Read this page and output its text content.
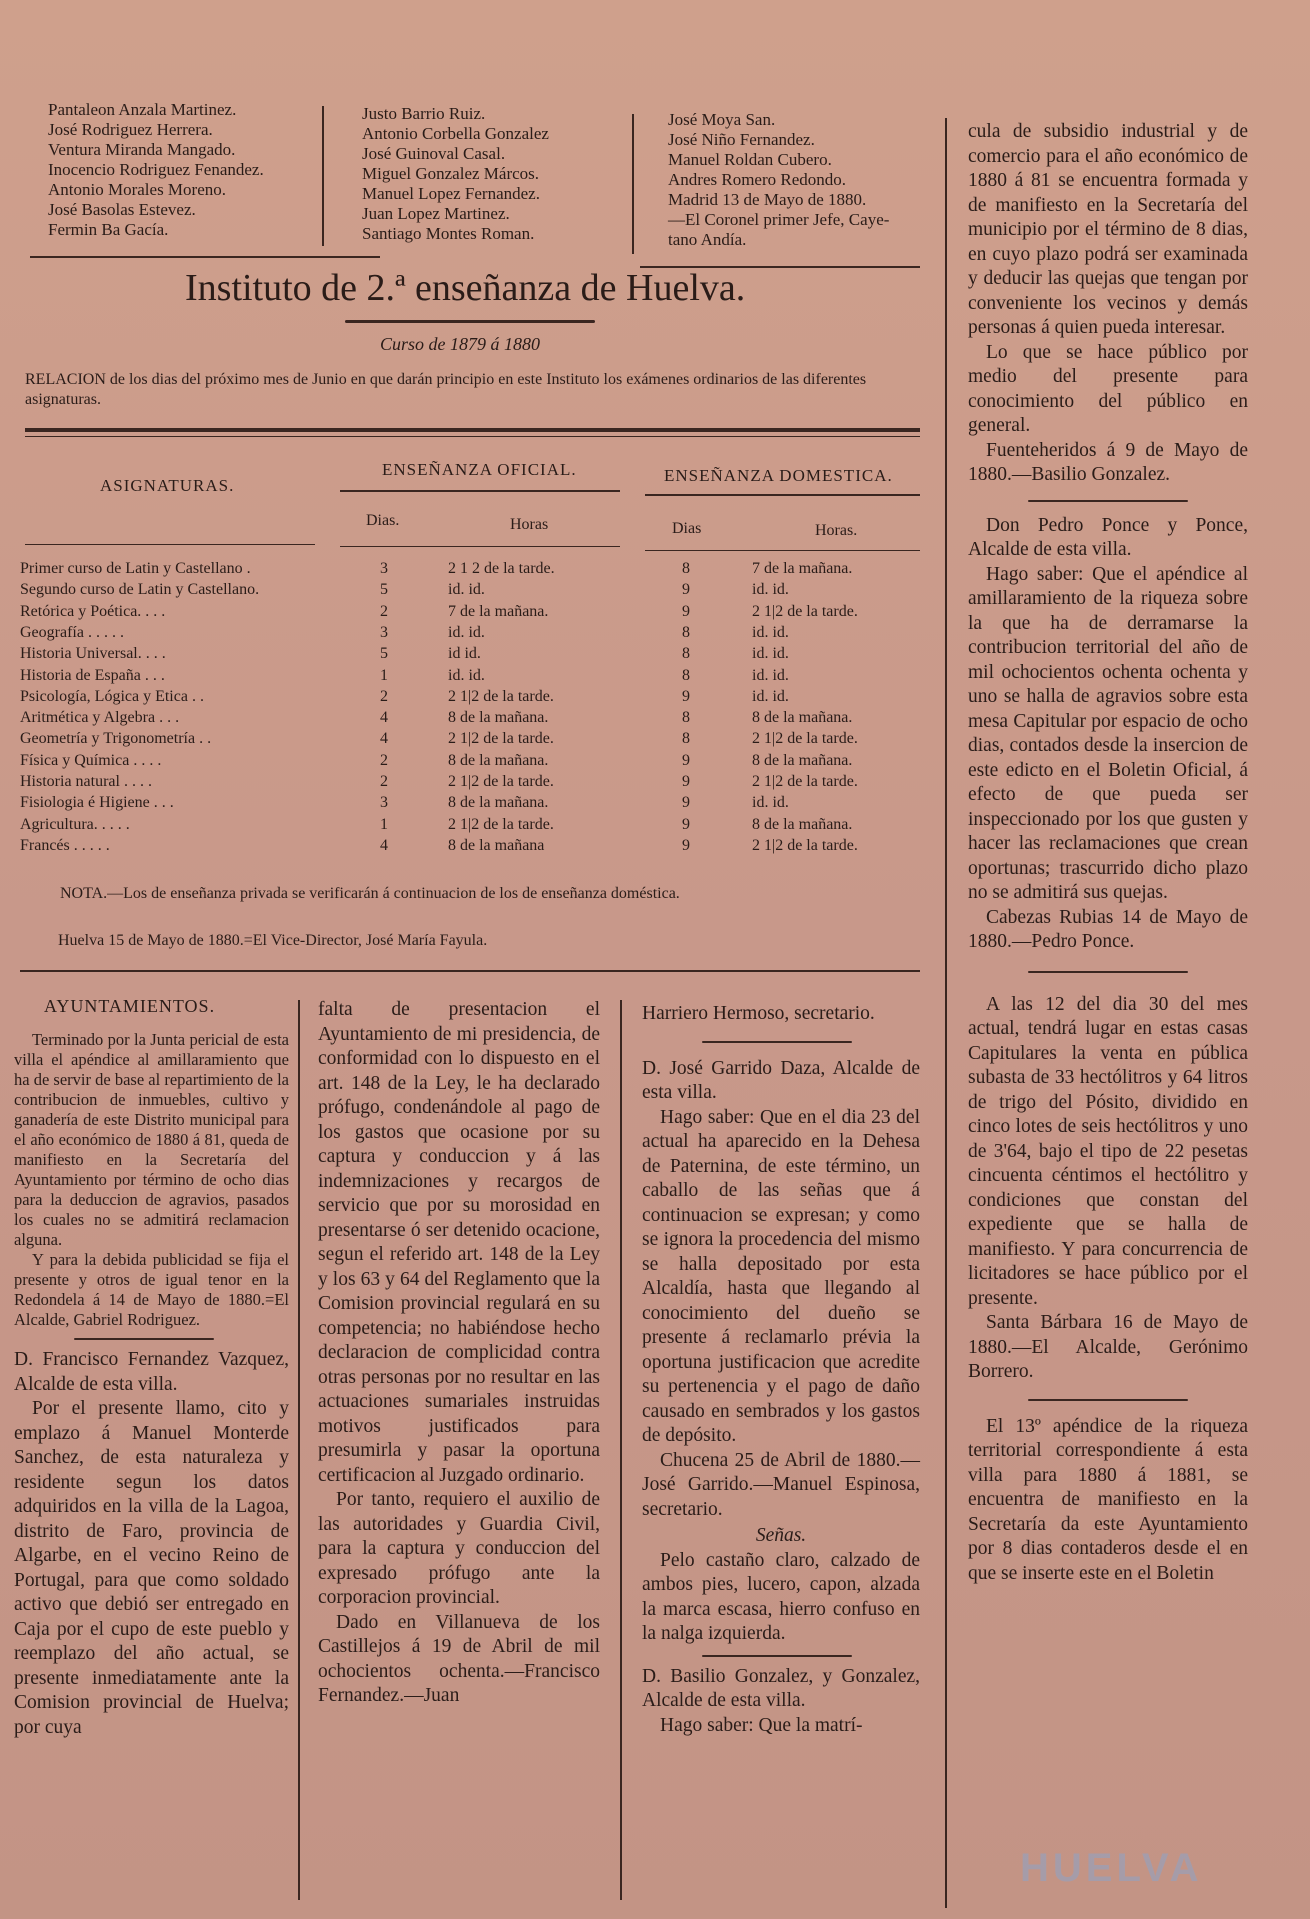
Pantaleon Anzala Martinez.
José Rodriguez Herrera.
Ventura Miranda Mangado.
Inocencio Rodriguez Fenandez.
Antonio Morales Moreno.
José Basolas Estevez.
Fermin Ba Gacía.
Justo Barrio Ruiz.
Antonio Corbella Gonzalez
José Guinoval Casal.
Miguel Gonzalez Márcos.
Manuel Lopez Fernandez.
Juan Lopez Martinez.
Santiago Montes Roman.
José Moya San.
José Niño Fernandez.
Manuel Roldan Cubero.
Andres Romero Redondo.
Madrid 13 de Mayo de 1880.
—El Coronel primer Jefe, Caye-
tano Andía.
Instituto de 2.ª enseñanza de Huelva.
Curso de 1879 á 1880
RELACION de los dias del próximo mes de Junio en que darán principio en este Instituto los exámenes ordinarios de las diferentes asignaturas.
ASIGNATURAS.
ENSEÑANZA OFICIAL.	ENSEÑANZA DOMESTICA.
Dias.	Horas	Dias	Horas.
Primer curso de Latin y Castellano .	3	2 1 2 de la tarde.	8	7 de la mañana.
Segundo curso de Latin y Castellano.	5	id. id.	9	id. id.
Retórica y Poética. . . .	2	7 de la mañana.	9	2 1|2 de la tarde.
Geografía . . . . .	3	id. id.	8	id. id.
Historia Universal. . . .	5	id id.	8	id. id.
Historia de España . . .	1	id. id.	8	id. id.
Psicología, Lógica y Etica . .	2	2 1|2 de la tarde.	9	id. id.
Aritmética y Algebra . . .	4	8 de la mañana.	8	8 de la mañana.
Geometría y Trigonometría . .	4	2 1|2 de la tarde.	8	2 1|2 de la tarde.
Física y Química . . . .	2	8 de la mañana.	9	8 de la mañana.
Historia natural . . . .	2	2 1|2 de la tarde.	9	2 1|2 de la tarde.
Fisiologia é Higiene . . .	3	8 de la mañana.	9	id. id.
Agricultura. . . . .	1	2 1|2 de la tarde.	9	8 de la mañana.
Francés . . . . .	4	8 de la mañana	9	2 1|2 de la tarde.
NOTA.—Los de enseñanza privada se verificarán á continuacion de los de enseñanza doméstica.
Huelva 15 de Mayo de 1880.=El Vice-Director, José María Fayula.

cula de subsidio industrial y de comercio para el año económico de 1880 á 81 se encuentra formada y de manifiesto en la Secretaría del municipio por el término de 8 dias, en cuyo plazo podrá ser examinada y deducir las quejas que tengan por conveniente los vecinos y demás personas á quien pueda interesar.

Lo que se hace público por medio del presente para conocimiento del público en general.

Fuenteheridos á 9 de Mayo de 1880.—Basilio Gonzalez.

Don Pedro Ponce y Ponce, Alcalde de esta villa.

Hago saber: Que el apéndice al amillaramiento de la riqueza sobre la que ha de derramarse la contribucion territorial del año de mil ochocientos ochenta ochenta y uno se halla de agravios sobre esta mesa Capitular por espacio de ocho dias, contados desde la insercion de este edicto en el Boletin Oficial, á efecto de que pueda ser inspeccionado por los que gusten y hacer las reclamaciones que crean oportunas; trascurrido dicho plazo no se admitirá sus quejas.

Cabezas Rubias 14 de Mayo de 1880.—Pedro Ponce.

A las 12 del dia 30 del mes actual, tendrá lugar en estas casas Capitulares la venta en pública subasta de 33 hectólitros y 64 litros de trigo del Pósito, dividido en cinco lotes de seis hectólitros y uno de 3'64, bajo el tipo de 22 pesetas cincuenta céntimos el hectólitro y condiciones que constan del expediente que se halla de manifiesto. Y para concurrencia de licitadores se hace público por el presente.

Santa Bárbara 16 de Mayo de 1880.—El Alcalde, Gerónimo Borrero.

El 13º apéndice de la riqueza territorial correspondiente á esta villa para 1880 á 1881, se encuentra de manifiesto en la Secretaría da este Ayuntamiento por 8 dias contaderos desde el en que se inserte este en el Boletin

AYUNTAMIENTOS.

Terminado por la Junta pericial de esta villa el apéndice al amillaramiento que ha de servir de base al repartimiento de la contribucion de inmuebles, cultivo y ganadería de este Distrito municipal para el año económico de 1880 á 81, queda de manifiesto en la Secretaría del Ayuntamiento por término de ocho dias para la deduccion de agravios, pasados los cuales no se admitirá reclamacion alguna.

Y para la debida publicidad se fija el presente y otros de igual tenor en la Redondela á 14 de Mayo de 1880.=El Alcalde, Gabriel Rodriguez.

D. Francisco Fernandez Vazquez, Alcalde de esta villa.

Por el presente llamo, cito y emplazo á Manuel Monterde Sanchez, de esta naturaleza y residente segun los datos adquiridos en la villa de la Lagoa, distrito de Faro, provincia de Algarbe, en el vecino Reino de Portugal, para que como soldado activo que debió ser entregado en Caja por el cupo de este pueblo y reemplazo del año actual, se presente inmediatamente ante la Comision provincial de Huelva; por cuya

falta de presentacion el Ayuntamiento de mi presidencia, de conformidad con lo dispuesto en el art. 148 de la Ley, le ha declarado prófugo, condenándole al pago de los gastos que ocasione por su captura y conduccion y á las indemnizaciones y recargos de servicio que por su morosidad en presentarse ó ser detenido ocacione, segun el referido art. 148 de la Ley y los 63 y 64 del Reglamento que la Comision provincial regulará en su competencia; no habiéndose hecho declaracion de complicidad contra otras personas por no resultar en las actuaciones sumariales instruidas motivos justificados para presumirla y pasar la oportuna certificacion al Juzgado ordinario.

Por tanto, requiero el auxilio de las autoridades y Guardia Civil, para la captura y conduccion del expresado prófugo ante la corporacion provincial.

Dado en Villanueva de los Castillejos á 19 de Abril de mil ochocientos ochenta.—Francisco Fernandez.—Juan

Harriero Hermoso, secretario.

D. José Garrido Daza, Alcalde de esta villa.

Hago saber: Que en el dia 23 del actual ha aparecido en la Dehesa de Paternina, de este término, un caballo de las señas que á continuacion se expresan; y como se ignora la procedencia del mismo se halla depositado por esta Alcaldía, hasta que llegando al conocimiento del dueño se presente á reclamarlo prévia la oportuna justificacion que acredite su pertenencia y el pago de daño causado en sembrados y los gastos de depósito.

Chucena 25 de Abril de 1880.—José Garrido.—Manuel Espinosa, secretario.

Señas.

Pelo castaño claro, calzado de ambos pies, lucero, capon, alzada la marca escasa, hierro confuso en la nalga izquierda.

D. Basilio Gonzalez, y Gonzalez, Alcalde de esta villa.

Hago saber: Que la matrí-

HUELVA
